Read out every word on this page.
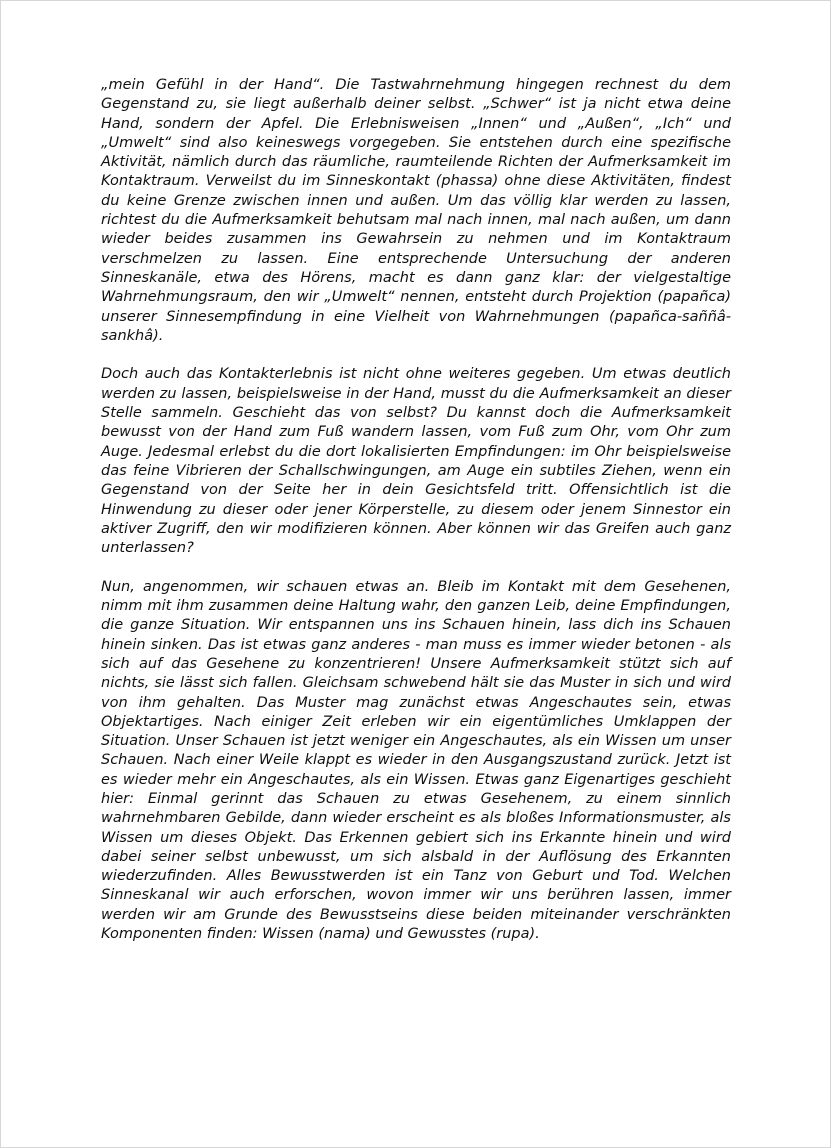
„mein Gefühl in der Hand“. Die Tastwahrnehmung hingegen rechnest du dem Gegenstand zu, sie liegt außerhalb deiner selbst. „Schwer“ ist ja nicht etwa deine Hand, sondern der Apfel. Die Erlebnisweisen „Innen“ und „Außen“, „Ich“ und „Umwelt“ sind also keineswegs vorgegeben. Sie entstehen durch eine spezifische Aktivität, nämlich durch das räumliche, raumteilende Richten der Aufmerksamkeit im Kontaktraum. Verweilst du im Sinneskontakt (phassa) ohne diese Aktivitäten, findest du keine Grenze zwischen innen und außen. Um das völlig klar werden zu lassen, richtest du die Aufmerksamkeit behutsam mal nach innen, mal nach außen, um dann wieder beides zusammen ins Gewahrsein zu nehmen und im Kontaktraum verschmelzen zu lassen. Eine entsprechende Untersuchung der anderen Sinneskanäle, etwa des Hörens, macht es dann ganz klar: der vielgestaltige Wahrnehmungsraum, den wir „Umwelt“ nennen, entsteht durch Projektion (papañca) unserer Sinnesempfindung in eine Vielheit von Wahrnehmungen (papañca-saññâ-sankhâ).

Doch auch das Kontakterlebnis ist nicht ohne weiteres gegeben. Um etwas deutlich werden zu lassen, beispielsweise in der Hand, musst du die Aufmerksamkeit an dieser Stelle sammeln. Geschieht das von selbst? Du kannst doch die Aufmerksamkeit bewusst von der Hand zum Fuß wandern lassen, vom Fuß zum Ohr, vom Ohr zum Auge. Jedesmal erlebst du die dort lokalisierten Empfindungen: im Ohr beispielsweise das feine Vibrieren der Schallschwingungen, am Auge ein subtiles Ziehen, wenn ein Gegenstand von der Seite her in dein Gesichtsfeld tritt. Offensichtlich ist die Hinwendung zu dieser oder jener Körperstelle, zu diesem oder jenem Sinnestor ein aktiver Zugriff, den wir modifizieren können. Aber können wir das Greifen auch ganz unterlassen?

Nun, angenommen, wir schauen etwas an. Bleib im Kontakt mit dem Gesehenen, nimm mit ihm zusammen deine Haltung wahr, den ganzen Leib, deine Empfindungen, die ganze Situation. Wir entspannen uns ins Schauen hinein, lass dich ins Schauen hinein sinken. Das ist etwas ganz anderes - man muss es immer wieder betonen - als sich auf das Gesehene zu konzentrieren! Unsere Aufmerksamkeit stützt sich auf nichts, sie lässt sich fallen. Gleichsam schwebend hält sie das Muster in sich und wird von ihm gehalten. Das Muster mag zunächst etwas Angeschautes sein, etwas Objektartiges. Nach einiger Zeit erleben wir ein eigentümliches Umklappen der Situation. Unser Schauen ist jetzt weniger ein Angeschautes, als ein Wissen um unser Schauen. Nach einer Weile klappt es wieder in den Ausgangszustand zurück. Jetzt ist es wieder mehr ein Angeschautes, als ein Wissen. Etwas ganz Eigenartiges geschieht hier: Einmal gerinnt das Schauen zu etwas Gesehenem, zu einem sinnlich wahrnehmbaren Gebilde, dann wieder erscheint es als bloßes Informationsmuster, als Wissen um dieses Objekt. Das Erkennen gebiert sich ins Erkannte hinein und wird dabei seiner selbst unbewusst, um sich alsbald in der Auflösung des Erkannten wiederzufinden. Alles Bewusstwerden ist ein Tanz von Geburt und Tod. Welchen Sinneskanal wir auch erforschen, wovon immer wir uns berühren lassen, immer werden wir am Grunde des Bewusstseins diese beiden miteinander verschränkten Komponenten finden: Wissen (nama) und Gewusstes (rupa).
